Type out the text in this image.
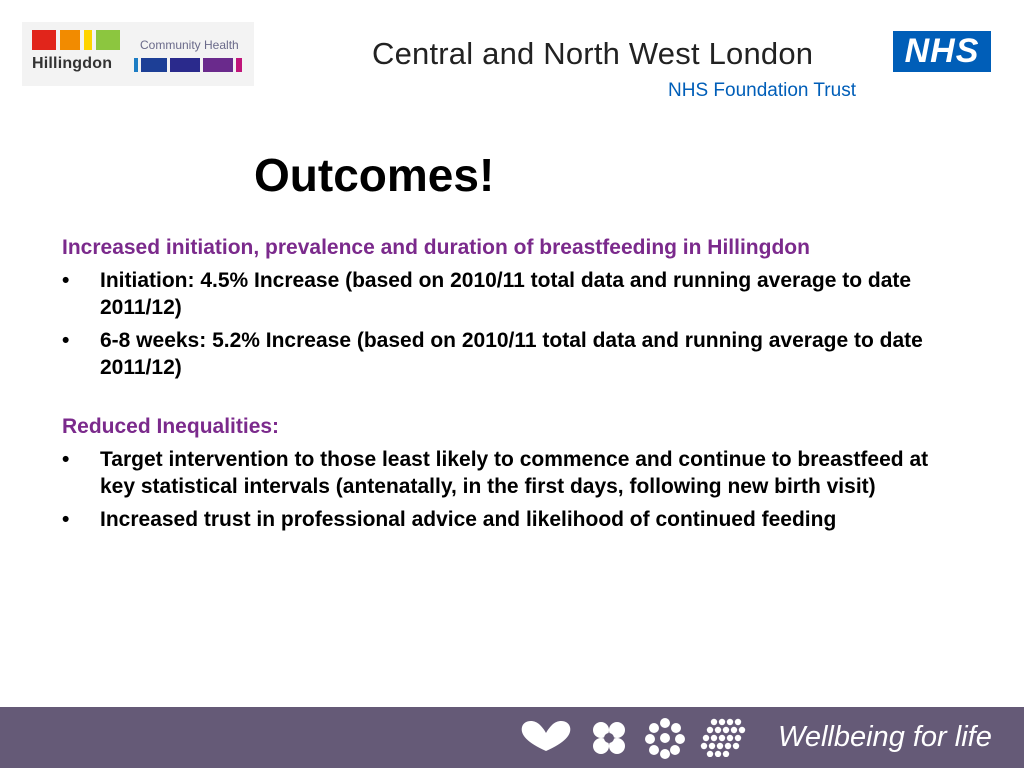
Community Health
Hillingdon	Central and North West London	NHS
NHS Foundation Trust
Outcomes!
Increased initiation, prevalence and duration of breastfeeding in Hillingdon
• Initiation: 4.5% Increase (based on 2010/11 total data and running average to date 2011/12)
• 6-8 weeks: 5.2% Increase (based on 2010/11 total data and running average to date 2011/12)
Reduced Inequalities:
• Target intervention to those least likely to commence and continue to breastfeed at key statistical intervals (antenatally, in the first days, following new birth visit)
• Increased trust in professional advice and likelihood of continued feeding
Wellbeing for life
